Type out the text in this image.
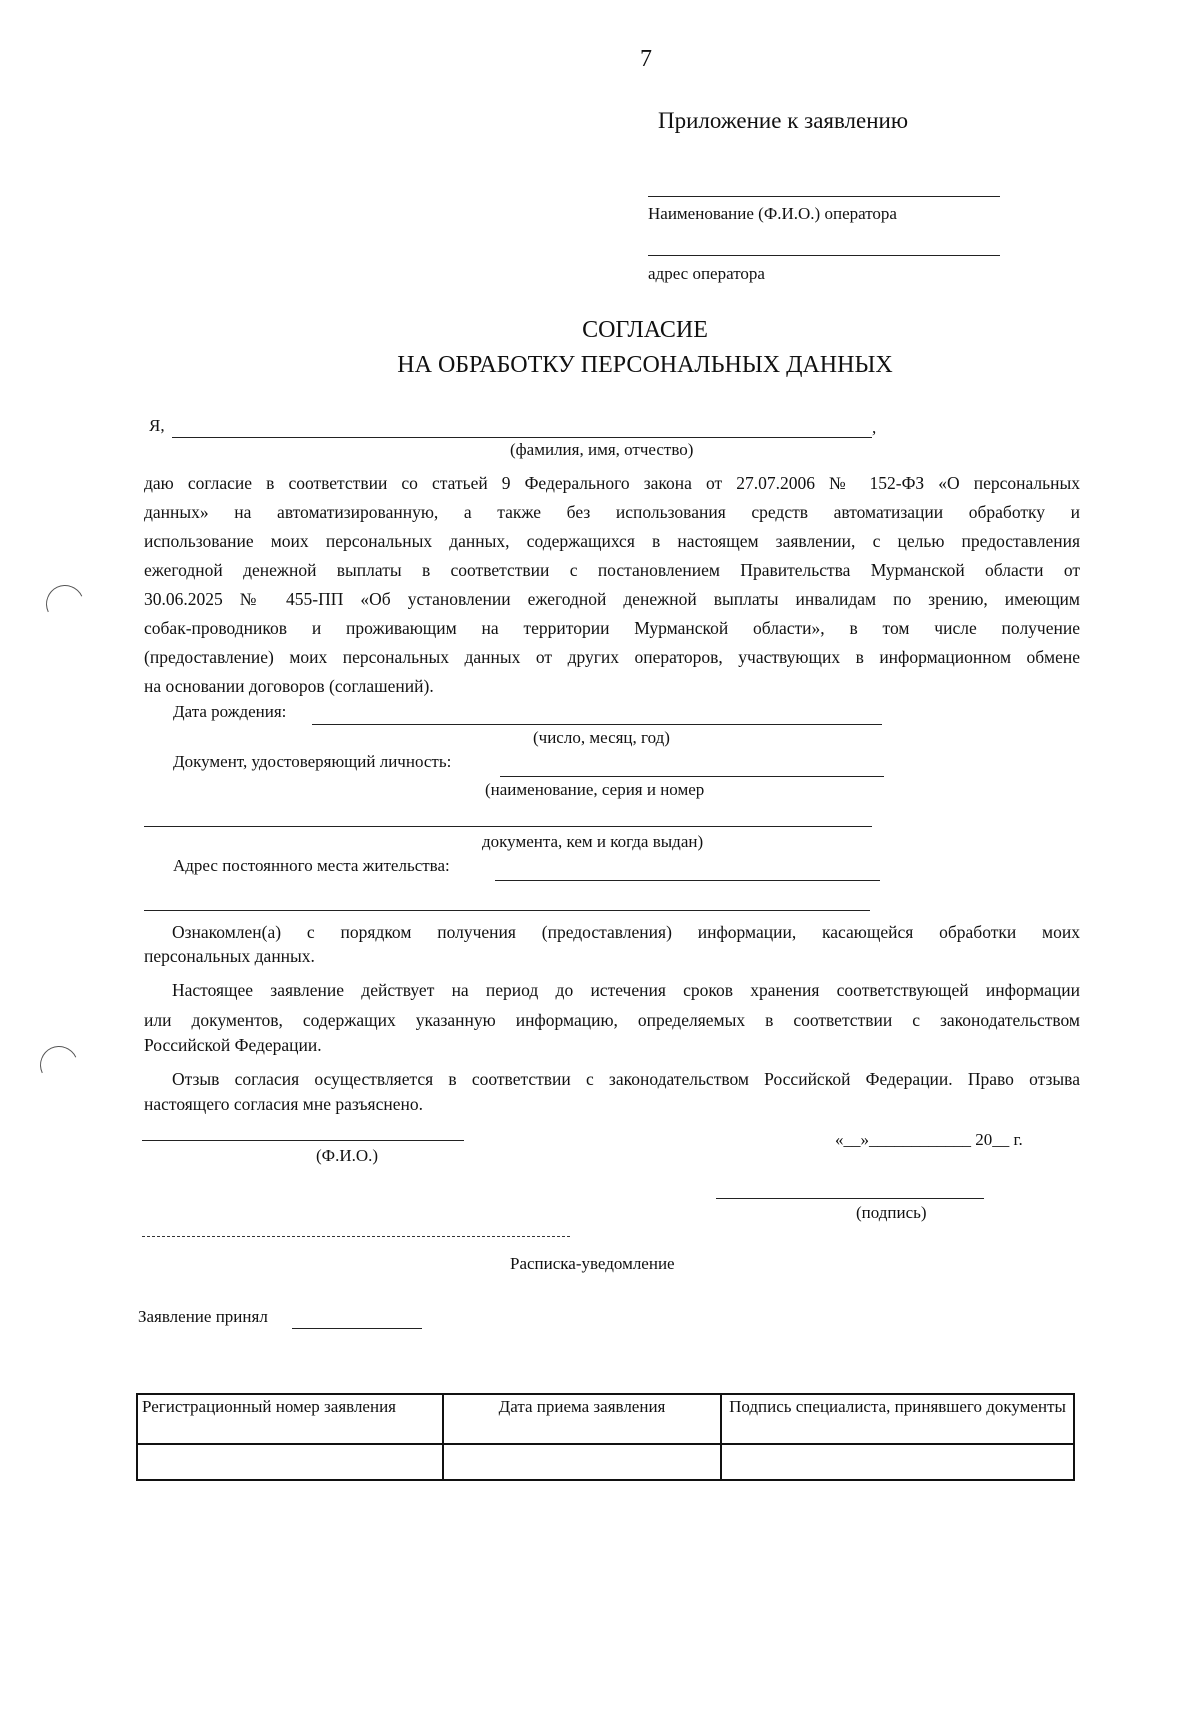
7
Приложение к заявлению
Наименование (Ф.И.О.) оператора
адрес оператора
СОГЛАСИЕ
НА ОБРАБОТКУ ПЕРСОНАЛЬНЫХ ДАННЫХ
Я,	,
(фамилия, имя, отчество)
даю согласие в соответствии со статьей 9 Федерального закона от 27.07.2006 № 152-ФЗ «О персональных
данных» на автоматизированную, а также без использования средств автоматизации обработку и
использование моих персональных данных, содержащихся в настоящем заявлении, с целью предоставления
ежегодной денежной выплаты в соответствии с постановлением Правительства Мурманской области от
30.06.2025 № 455-ПП «Об установлении ежегодной денежной выплаты инвалидам по зрению, имеющим
собак-проводников и проживающим на территории Мурманской области», в том числе получение
(предоставление) моих персональных данных от других операторов, участвующих в информационном обмене
на основании договоров (соглашений).
Дата рождения:
(число, месяц, год)
Документ, удостоверяющий личность:
(наименование, серия и номер
документа, кем и когда выдан)
Адрес постоянного места жительства:
Ознакомлен(а) с порядком получения (предоставления) информации, касающейся обработки моих
персональных данных.
Настоящее заявление действует на период до истечения сроков хранения соответствующей информации
или документов, содержащих указанную информацию, определяемых в соответствии с законодательством
Российской Федерации.
Отзыв согласия осуществляется в соответствии с законодательством Российской Федерации. Право отзыва
настоящего согласия мне разъяснено.
(Ф.И.О.)
«__»____________ 20__ г.
(подпись)
Расписка-уведомление
Заявление принял
Регистрационный номер заявления	Дата приема заявления	Подпись специалиста, принявшего документы
